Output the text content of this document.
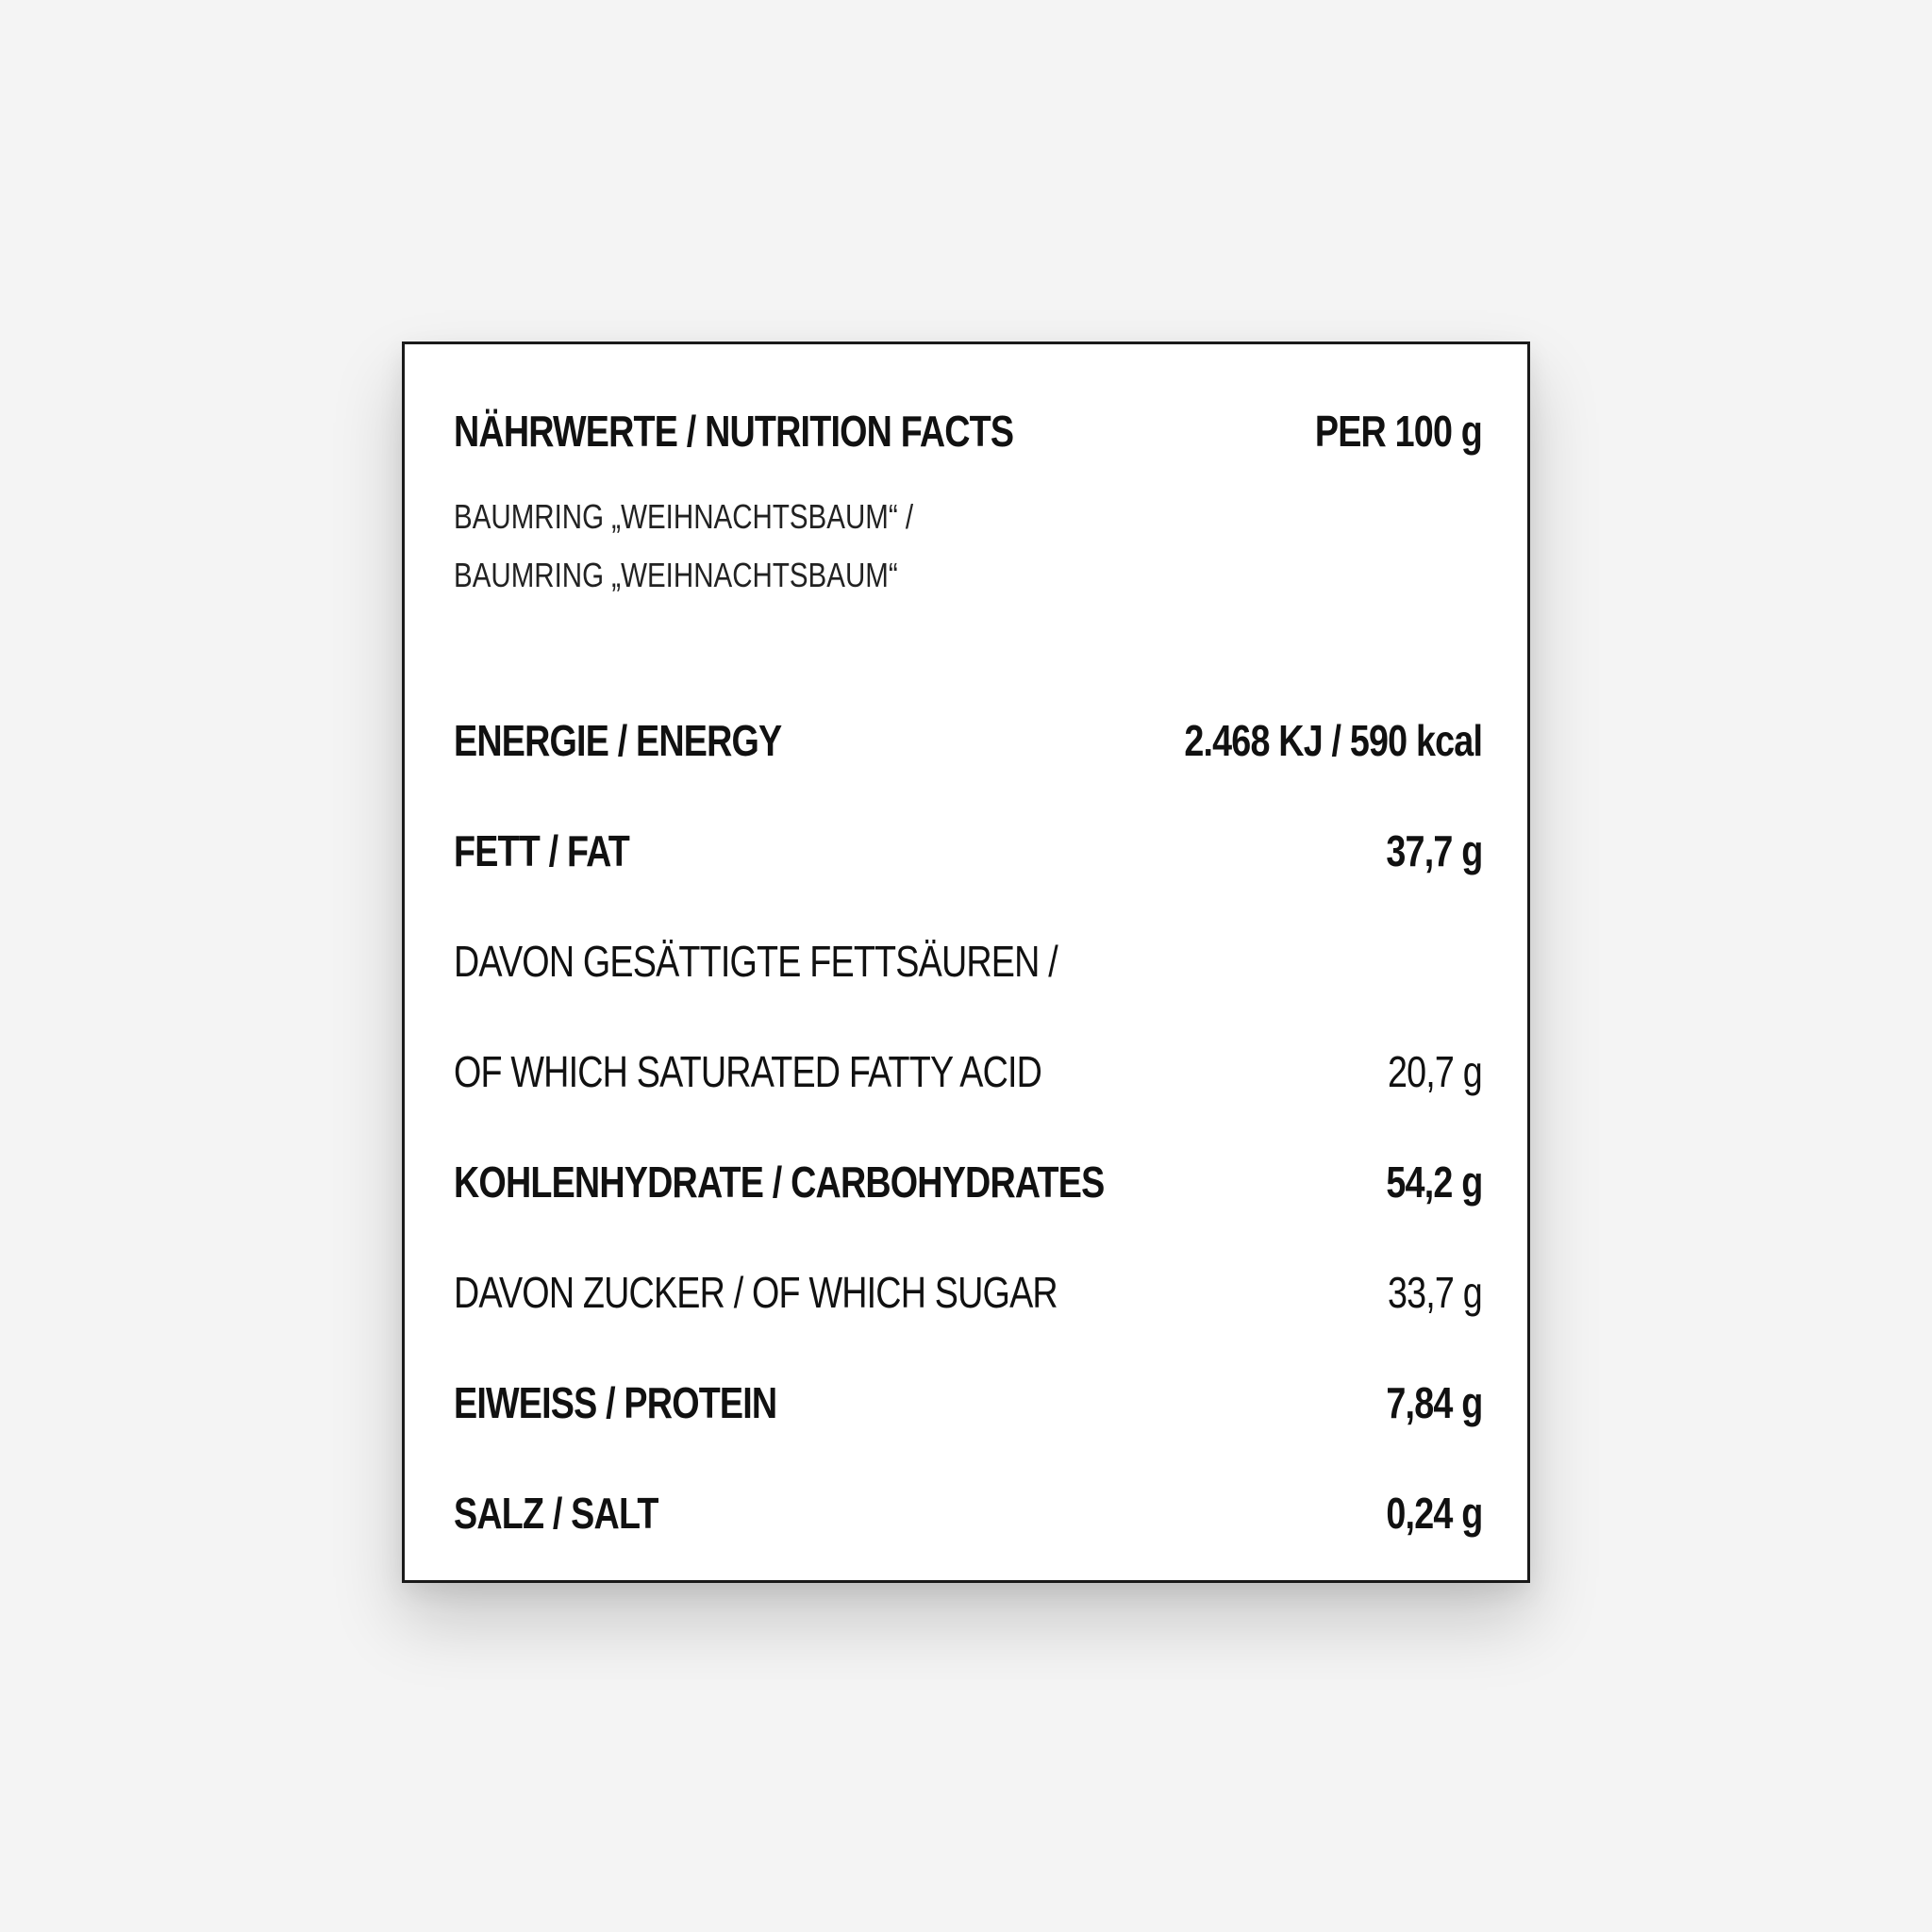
NÄHRWERTE / NUTRITION FACTS	PER 100 g
BAUMRING „WEIHNACHTSBAUM“ /
BAUMRING „WEIHNACHTSBAUM“
ENERGIE / ENERGY	2.468 KJ / 590 kcal
FETT / FAT	37,7 g
DAVON GESÄTTIGTE FETTSÄUREN /
OF WHICH SATURATED FATTY ACID	20,7 g
KOHLENHYDRATE / CARBOHYDRATES	54,2 g
DAVON ZUCKER / OF WHICH SUGAR	33,7 g
EIWEISS / PROTEIN	7,84 g
SALZ / SALT	0,24 g
